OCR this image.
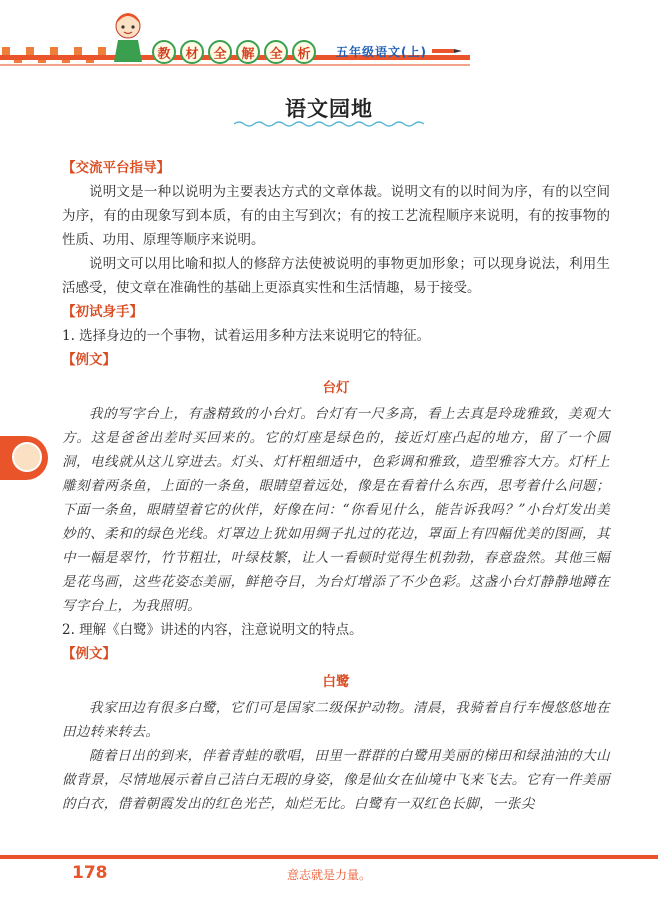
教	材	全	解	全	析	五年级语文(上)
语文园地
【交流平台指导】

说明文是一种以说明为主要表达方式的文章体裁。说明文有的以时间为序，有的以空间为序，有的由现象写到本质，有的由主写到次；有的按工艺流程顺序来说明，有的按事物的性质、功用、原理等顺序来说明。

说明文可以用比喻和拟人的修辞方法使被说明的事物更加形象；可以现身说法，利用生活感受，使文章在准确性的基础上更添真实性和生活情趣，易于接受。

【初试身手】

1. 选择身边的一个事物，试着运用多种方法来说明它的特征。

【例文】
台灯

我的写字台上，有盏精致的小台灯。台灯有一尺多高，看上去真是玲珑雅致，美观大方。这是爸爸出差时买回来的。它的灯座是绿色的，接近灯座凸起的地方，留了一个圆洞，电线就从这儿穿进去。灯头、灯杆粗细适中，色彩调和雅致，造型雅容大方。灯杆上雕刻着两条鱼，上面的一条鱼，眼睛望着远处，像是在看着什么东西，思考着什么问题；下面一条鱼，眼睛望着它的伙伴，好像在问：“你看见什么，能告诉我吗？”小台灯发出美妙的、柔和的绿色光线。灯罩边上犹如用绸子扎过的花边，罩面上有四幅优美的图画，其中一幅是翠竹，竹节粗壮，叶绿枝繁，让人一看顿时觉得生机勃勃，春意盎然。其他三幅是花鸟画，这些花姿态美丽，鲜艳夺目，为台灯增添了不少色彩。这盏小台灯静静地蹲在写字台上，为我照明。

2. 理解《白鹭》讲述的内容，注意说明文的特点。

【例文】
白鹭

我家田边有很多白鹭，它们可是国家二级保护动物。清晨，我骑着自行车慢悠悠地在田边转来转去。

随着日出的到来，伴着青蛙的歌唱，田里一群群的白鹭用美丽的梯田和绿油油的大山做背景，尽情地展示着自己洁白无瑕的身姿，像是仙女在仙境中飞来飞去。它有一件美丽的白衣，借着朝霞发出的红色光芒，灿烂无比。白鹭有一双红色长脚，一张尖

178	意志就是力量。
